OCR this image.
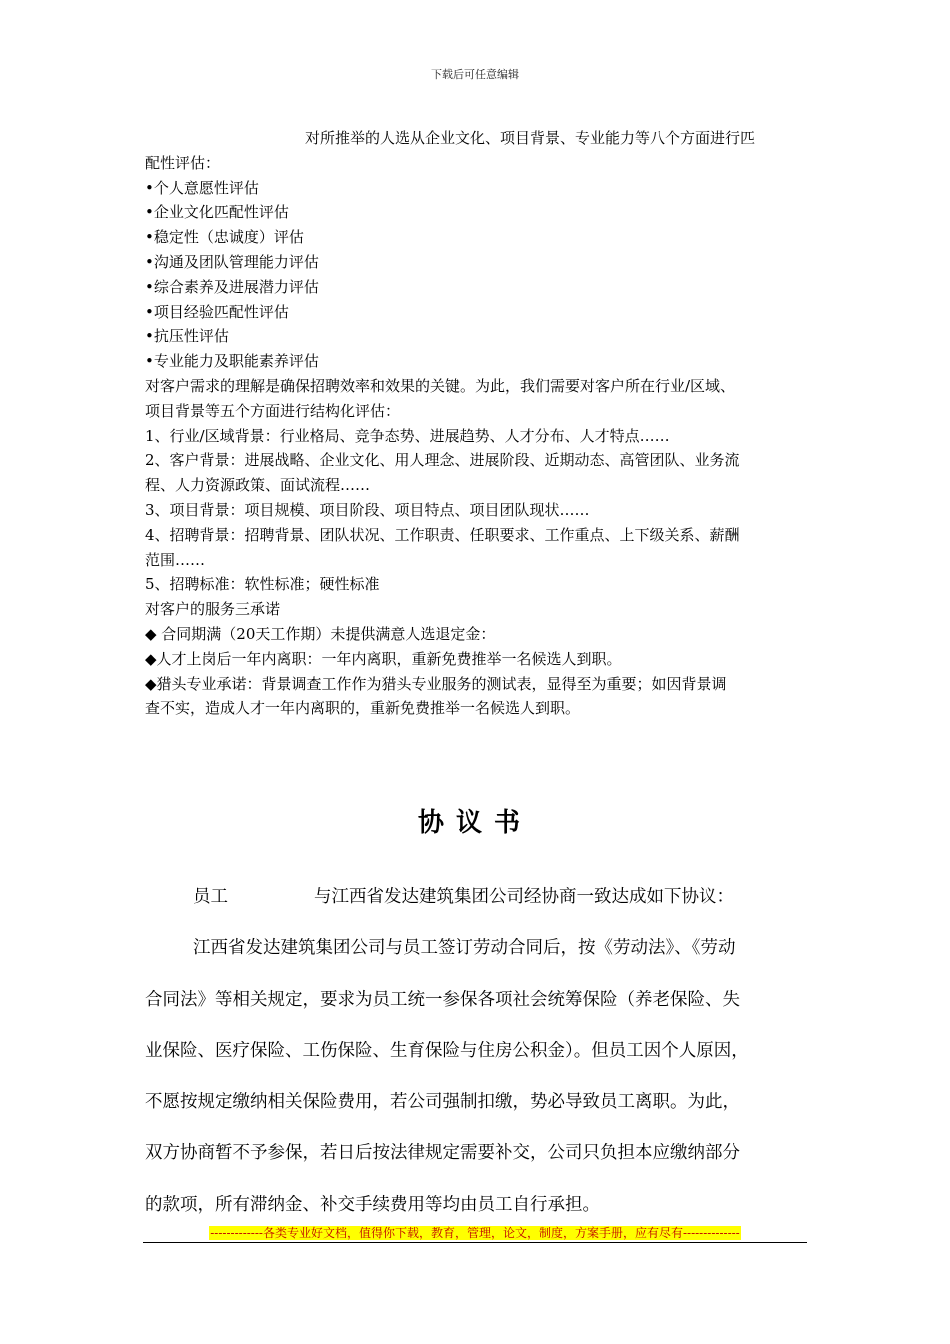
下载后可任意编辑
对所推举的人选从企业文化、项目背景、专业能力等八个方面进行匹
配性评估：
•个人意愿性评估
•企业文化匹配性评估
•稳定性（忠诚度）评估
•沟通及团队管理能力评估
•综合素养及进展潜力评估
•项目经验匹配性评估
•抗压性评估
•专业能力及职能素养评估
对客户需求的理解是确保招聘效率和效果的关键。为此，我们需要对客户所在行业/区域、
项目背景等五个方面进行结构化评估：
1、行业/区域背景：行业格局、竞争态势、进展趋势、人才分布、人才特点……
2、客户背景：进展战略、企业文化、用人理念、进展阶段、近期动态、高管团队、业务流
程、人力资源政策、面试流程……
3、项目背景：项目规模、项目阶段、项目特点、项目团队现状……
4、招聘背景：招聘背景、团队状况、工作职责、任职要求、工作重点、上下级关系、薪酬
范围……
5、招聘标准：软性标准；硬性标准
对客户的服务三承诺
◆ 合同期满（20天工作期）未提供满意人选退定金：
◆人才上岗后一年内离职：一年内离职，重新免费推举一名候选人到职。
◆猎头专业承诺：背景调查工作作为猎头专业服务的测试表，显得至为重要；如因背景调
查不实，造成人才一年内离职的，重新免费推举一名候选人到职。
协议书
员工	与江西省发达建筑集团公司经协商一致达成如下协议：
江西省发达建筑集团公司与员工签订劳动合同后，按《劳动法》、《劳动
合同法》等相关规定，要求为员工统一参保各项社会统筹保险（养老保险、失
业保险、医疗保险、工伤保险、生育保险与住房公积金）。但员工因个人原因，
不愿按规定缴纳相关保险费用，若公司强制扣缴，势必导致员工离职。为此，
双方协商暂不予参保，若日后按法律规定需要补交，公司只负担本应缴纳部分
的款项，所有滞纳金、补交手续费用等均由员工自行承担。
-------------各类专业好文档，值得你下载，教育，管理，论文，制度，方案手册，应有尽有--------------
